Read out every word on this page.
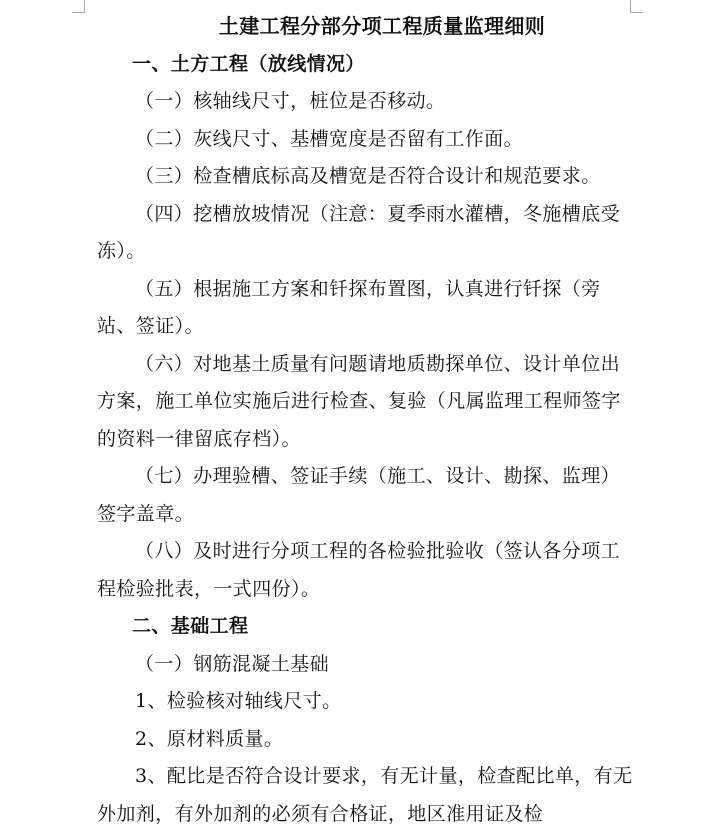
土建工程分部分项工程质量监理细则

一、土方工程（放线情况）

（一）核轴线尺寸，桩位是否移动。

（二）灰线尺寸、基槽宽度是否留有工作面。

（三）检查槽底标高及槽宽是否符合设计和规范要求。

（四）挖槽放坡情况（注意：夏季雨水灌槽，冬施槽底受冻）。

（五）根据施工方案和钎探布置图，认真进行钎探（旁站、签证）。

（六）对地基土质量有问题请地质勘探单位、设计单位出方案，施工单位实施后进行检查、复验（凡属监理工程师签字的资料一律留底存档）。

（七）办理验槽、签证手续（施工、设计、勘探、监理）签字盖章。

（八）及时进行分项工程的各检验批验收（签认各分项工程检验批表，一式四份）。

二、基础工程

（一）钢筋混凝土基础

1、检验核对轴线尺寸。

2、原材料质量。

3、配比是否符合设计要求，有无计量，检查配比单，有无外加剂，有外加剂的必须有合格证，地区准用证及检
